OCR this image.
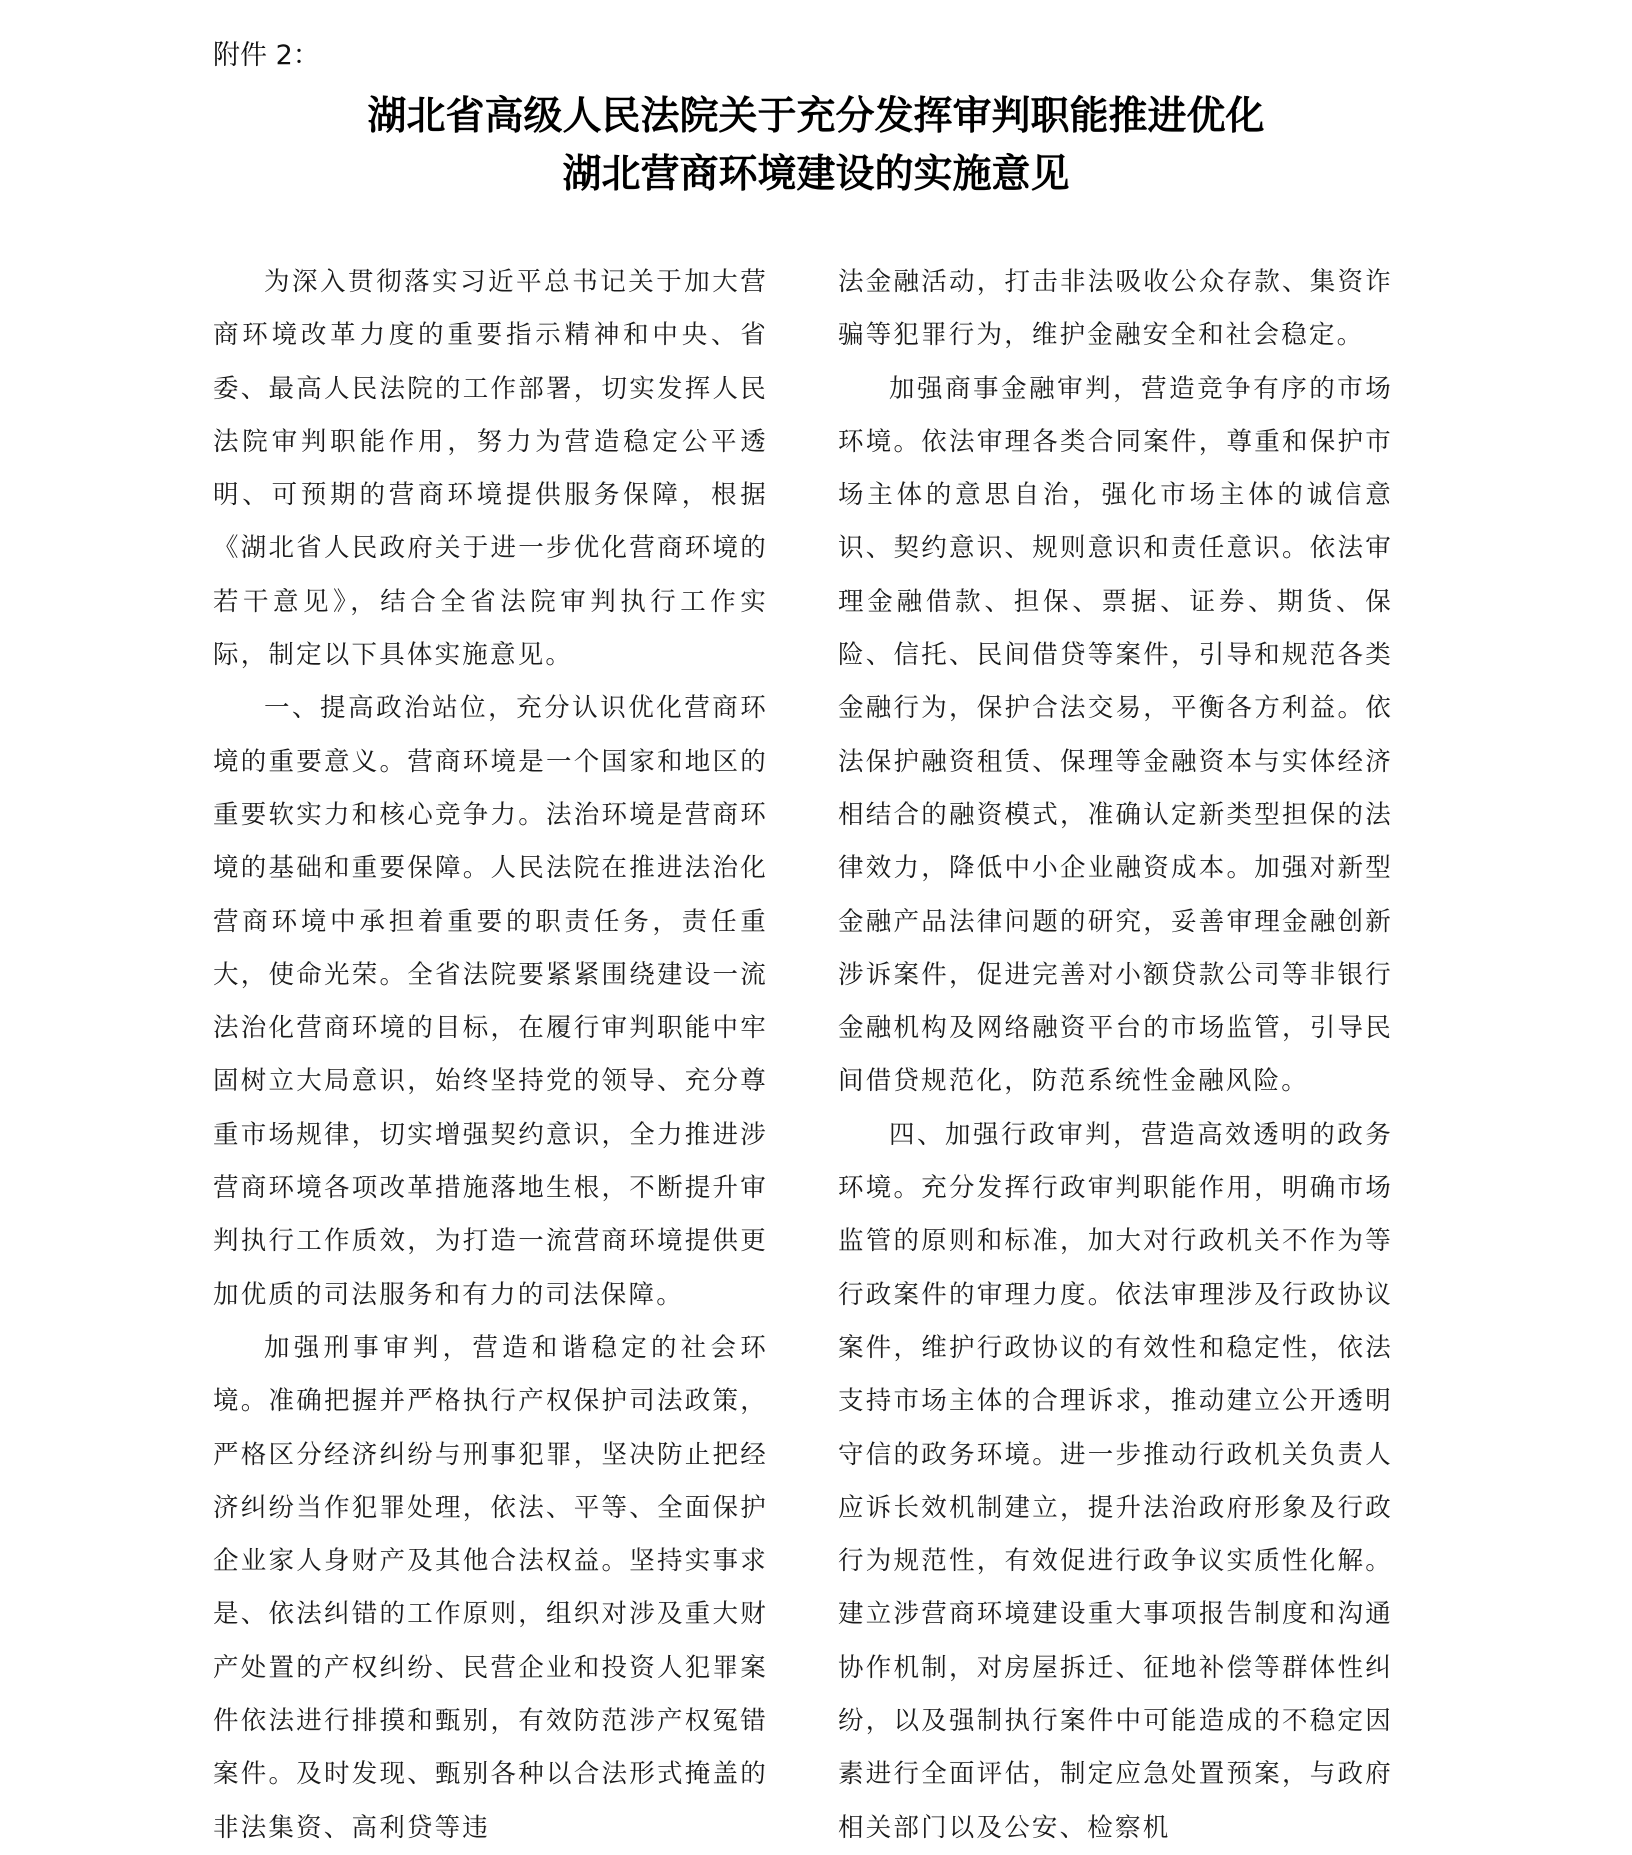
附件 2：
湖北省高级人民法院关于充分发挥审判职能推进优化
湖北营商环境建设的实施意见

为深入贯彻落实习近平总书记关于加大营商环境改革力度的重要指示精神和中央、省委、最高人民法院的工作部署，切实发挥人民法院审判职能作用，努力为营造稳定公平透明、可预期的营商环境提供服务保障，根据《湖北省人民政府关于进一步优化营商环境的若干意见》，结合全省法院审判执行工作实际，制定以下具体实施意见。

一、提高政治站位，充分认识优化营商环境的重要意义。营商环境是一个国家和地区的重要软实力和核心竞争力。法治环境是营商环境的基础和重要保障。人民法院在推进法治化营商环境中承担着重要的职责任务，责任重大，使命光荣。全省法院要紧紧围绕建设一流法治化营商环境的目标，在履行审判职能中牢固树立大局意识，始终坚持党的领导、充分尊重市场规律，切实增强契约意识，全力推进涉营商环境各项改革措施落地生根，不断提升审判执行工作质效，为打造一流营商环境提供更加优质的司法服务和有力的司法保障。

加强刑事审判，营造和谐稳定的社会环境。准确把握并严格执行产权保护司法政策，严格区分经济纠纷与刑事犯罪，坚决防止把经济纠纷当作犯罪处理，依法、平等、全面保护企业家人身财产及其他合法权益。坚持实事求是、依法纠错的工作原则，组织对涉及重大财产处置的产权纠纷、民营企业和投资人犯罪案件依法进行排摸和甄别，有效防范涉产权冤错案件。及时发现、甄别各种以合法形式掩盖的非法集资、高利贷等违

法金融活动，打击非法吸收公众存款、集资诈骗等犯罪行为，维护金融安全和社会稳定。

加强商事金融审判，营造竞争有序的市场环境。依法审理各类合同案件，尊重和保护市场主体的意思自治，强化市场主体的诚信意识、契约意识、规则意识和责任意识。依法审理金融借款、担保、票据、证券、期货、保险、信托、民间借贷等案件，引导和规范各类金融行为，保护合法交易，平衡各方利益。依法保护融资租赁、保理等金融资本与实体经济相结合的融资模式，准确认定新类型担保的法律效力，降低中小企业融资成本。加强对新型金融产品法律问题的研究，妥善审理金融创新涉诉案件，促进完善对小额贷款公司等非银行金融机构及网络融资平台的市场监管，引导民间借贷规范化，防范系统性金融风险。

四、加强行政审判，营造高效透明的政务环境。充分发挥行政审判职能作用，明确市场监管的原则和标准，加大对行政机关不作为等行政案件的审理力度。依法审理涉及行政协议案件，维护行政协议的有效性和稳定性，依法支持市场主体的合理诉求，推动建立公开透明守信的政务环境。进一步推动行政机关负责人应诉长效机制建立，提升法治政府形象及行政行为规范性，有效促进行政争议实质性化解。建立涉营商环境建设重大事项报告制度和沟通协作机制，对房屋拆迁、征地补偿等群体性纠纷，以及强制执行案件中可能造成的不稳定因素进行全面评估，制定应急处置预案，与政府相关部门以及公安、检察机
